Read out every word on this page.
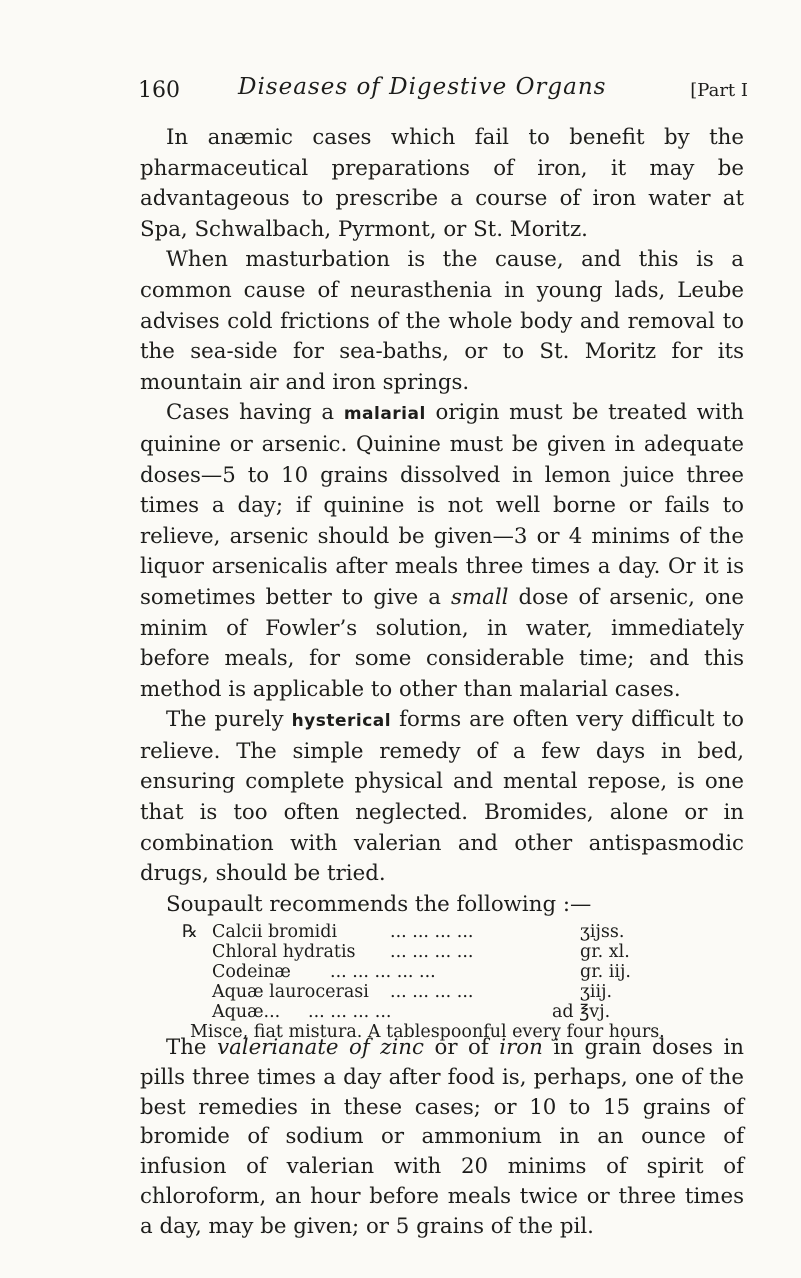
160	Diseases of Digestive Organs	[Part I

In anæmic cases which fail to benefit by the pharmaceutical preparations of iron, it may be advantageous to prescribe a course of iron water at Spa, Schwalbach, Pyrmont, or St. Moritz.

When masturbation is the cause, and this is a common cause of neurasthenia in young lads, Leube advises cold frictions of the whole body and removal to the sea-side for sea-baths, or to St. Moritz for its mountain air and iron springs.

Cases having a malarial origin must be treated with quinine or arsenic. Quinine must be given in adequate doses—5 to 10 grains dissolved in lemon juice three times a day; if quinine is not well borne or fails to relieve, arsenic should be given—3 or 4 minims of the liquor arsenicalis after meals three times a day. Or it is sometimes better to give a small dose of arsenic, one minim of Fowler’s solution, in water, immediately before meals, for some considerable time; and this method is applicable to other than malarial cases.

The purely hysterical forms are often very difficult to relieve. The simple remedy of a few days in bed, ensuring complete physical and mental repose, is one that is too often neglected. Bromides, alone or in combination with valerian and other antispasmodic drugs, should be tried.

Soupault recommends the following :—

℞ Calcii bromidi	... ... ... ...	ʒijss.
Chloral hydratis ... ... ... ...	gr. xl.
Codeinæ ... ... ... ... ...	gr. iij.
Aquæ laurocerasi ... ... ... ...	ʒiij.
Aquæ... ... ... ... ...	ad ℥vj.
Misce, fiat mistura. A tablespoonful every four hours.

The valerianate of zinc or of iron in grain doses in pills three times a day after food is, perhaps, one of the best remedies in these cases; or 10 to 15 grains of bromide of sodium or ammonium in an ounce of infusion of valerian with 20 minims of spirit of chloroform, an hour before meals twice or three times a day, may be given; or 5 grains of the pil.
